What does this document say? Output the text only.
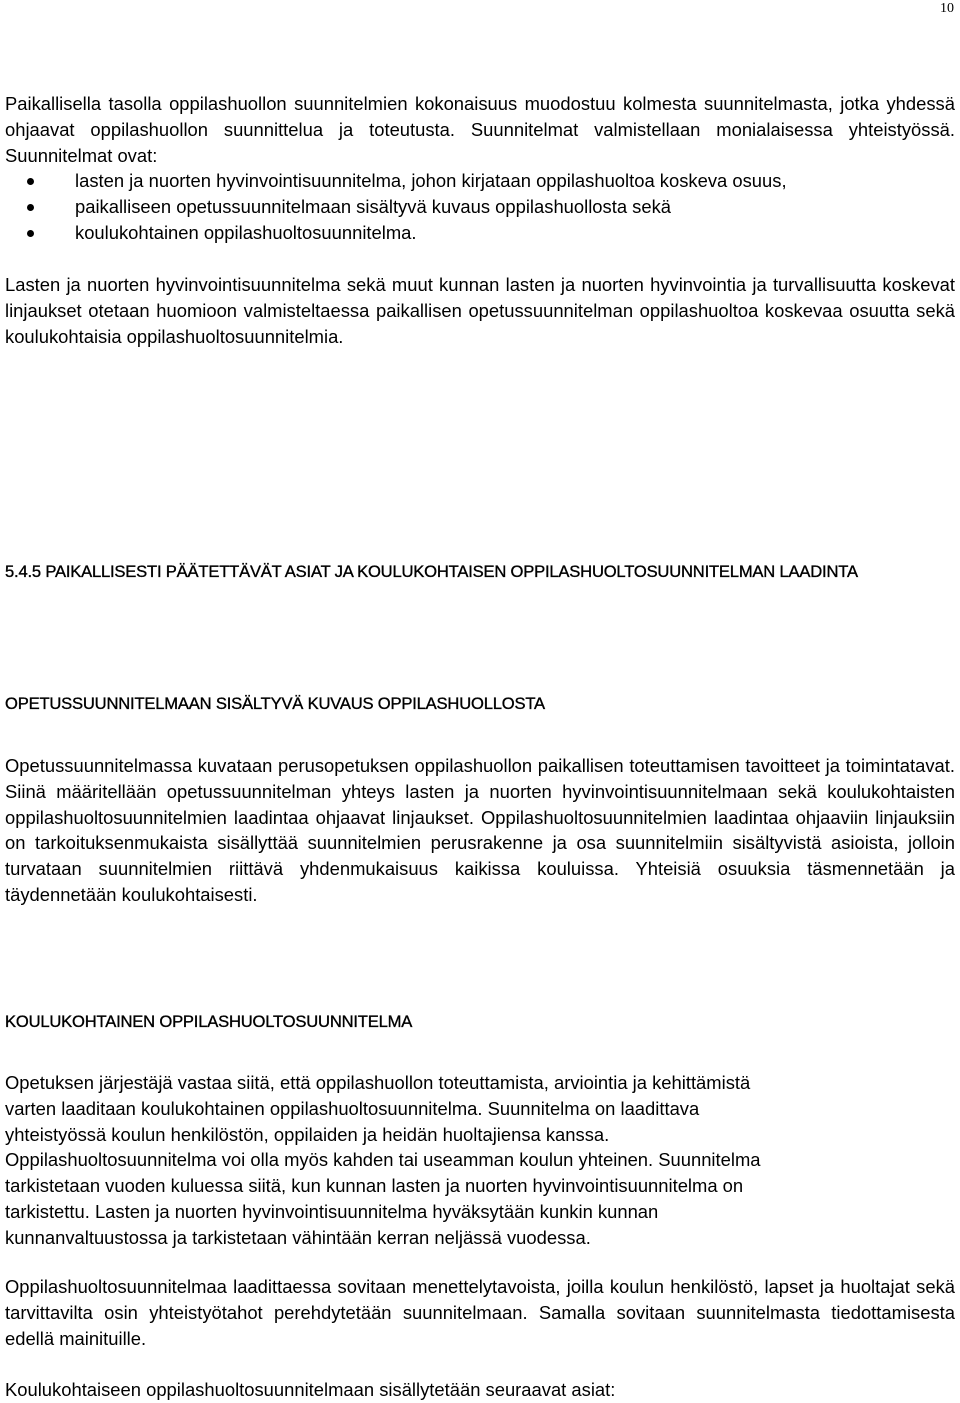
10

Paikallisella tasolla oppilashuollon suunnitelmien kokonaisuus muodostuu kolmesta suunnitelmasta, jotka yhdessä ohjaavat oppilashuollon suunnittelua ja toteutusta. Suunnitelmat valmistellaan monialaisessa yhteistyössä. Suunnitelmat ovat:

lasten ja nuorten hyvinvointisuunnitelma, johon kirjataan oppilashuoltoa koskeva osuus,
paikalliseen opetussuunnitelmaan sisältyvä kuvaus oppilashuollosta sekä
koulukohtainen oppilashuoltosuunnitelma.

Lasten ja nuorten hyvinvointisuunnitelma sekä muut kunnan lasten ja nuorten hyvinvointia ja turvallisuutta koskevat linjaukset otetaan huomioon valmisteltaessa paikallisen opetussuunnitelman oppilashuoltoa koskevaa osuutta sekä koulukohtaisia oppilashuoltosuunnitelmia.

5.4.5 PAIKALLISESTI PÄÄTETTÄVÄT ASIAT JA KOULUKOHTAISEN OPPILASHUOLTOSUUNNITELMAN LAADINTA

OPETUSSUUNNITELMAAN SISÄLTYVÄ KUVAUS OPPILASHUOLLOSTA

Opetussuunnitelmassa kuvataan perusopetuksen oppilashuollon paikallisen toteuttamisen tavoitteet ja toimintatavat. Siinä määritellään opetussuunnitelman yhteys lasten ja nuorten hyvinvointisuunnitelmaan sekä koulukohtaisten oppilashuoltosuunnitelmien laadintaa ohjaavat linjaukset. Oppilashuoltosuunnitelmien laadintaa ohjaaviin linjauksiin on tarkoituksenmukaista sisällyttää suunnitelmien perusrakenne ja osa suunnitelmiin sisältyvistä asioista, jolloin turvataan suunnitelmien riittävä yhdenmukaisuus kaikissa kouluissa. Yhteisiä osuuksia täsmennetään ja täydennetään koulukohtaisesti.

KOULUKOHTAINEN OPPILASHUOLTOSUUNNITELMA

Opetuksen järjestäjä vastaa siitä, että oppilashuollon toteuttamista, arviointia ja kehittämistä
varten laaditaan koulukohtainen oppilashuoltosuunnitelma. Suunnitelma on laadittava
yhteistyössä koulun henkilöstön, oppilaiden ja heidän huoltajiensa kanssa.
Oppilashuoltosuunnitelma voi olla myös kahden tai useamman koulun yhteinen. Suunnitelma
tarkistetaan vuoden kuluessa siitä, kun kunnan lasten ja nuorten hyvinvointisuunnitelma on
tarkistettu. Lasten ja nuorten hyvinvointisuunnitelma hyväksytään kunkin kunnan
kunnanvaltuustossa ja tarkistetaan vähintään kerran neljässä vuodessa.

Oppilashuoltosuunnitelmaa laadittaessa sovitaan menettelytavoista, joilla koulun henkilöstö, lapset ja huoltajat sekä tarvittavilta osin yhteistyötahot perehdytetään suunnitelmaan. Samalla sovitaan suunnitelmasta tiedottamisesta edellä mainituille.

Koulukohtaiseen oppilashuoltosuunnitelmaan sisällytetään seuraavat asiat:
